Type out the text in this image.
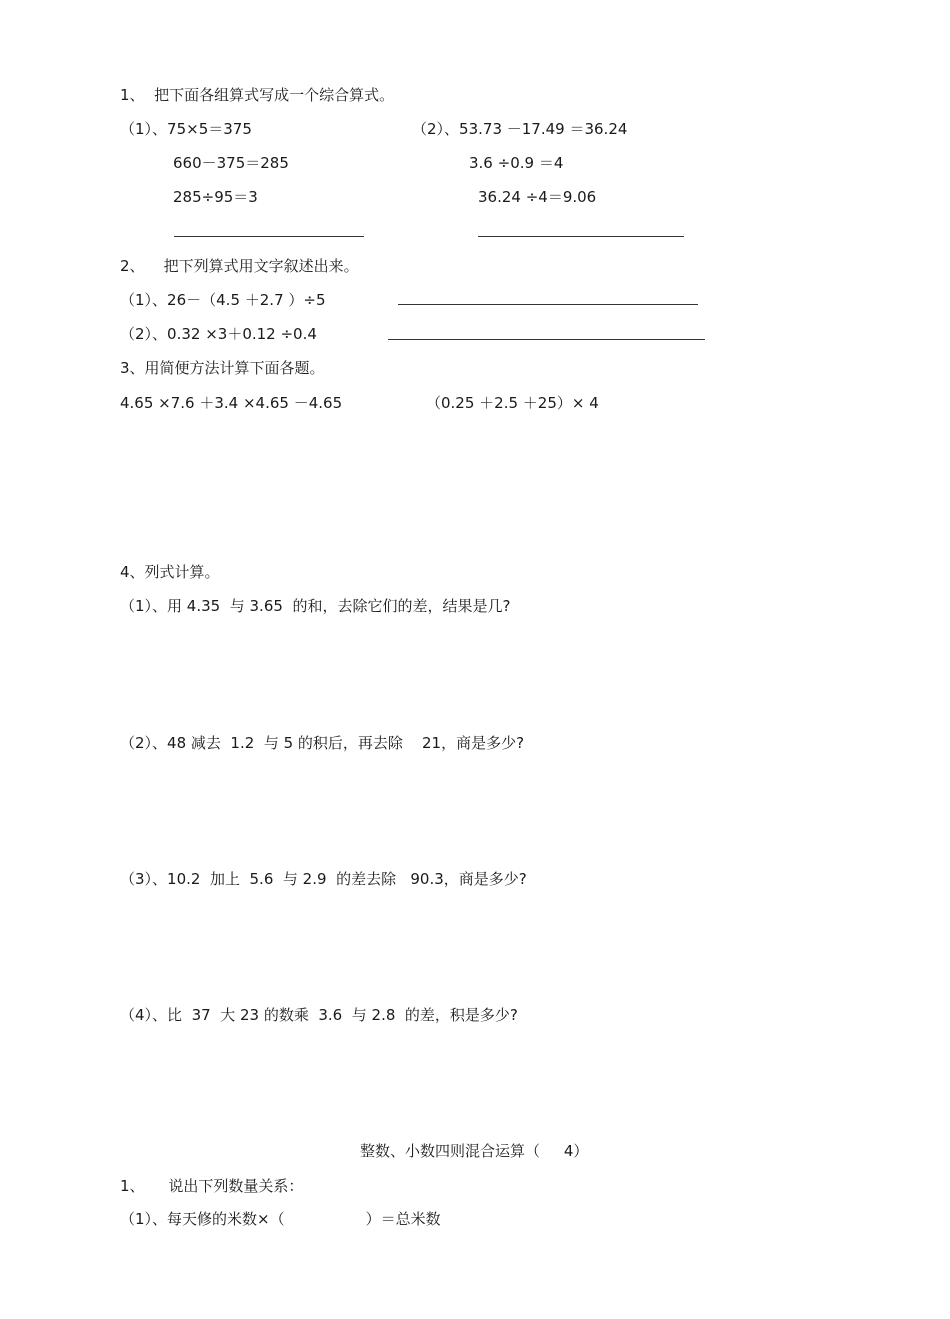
1、  把下面各组算式写成一个综合算式。
（1）、75×5＝375	（2）、53.73 －17.49 ＝36.24
660－375＝285	3.6 ÷0.9 ＝4
285÷95＝3	36.24 ÷4＝9.06
2、    把下列算式用文字叙述出来。
（1）、26－（4.5 ＋2.7 ）÷5
（2）、0.32 ×3＋0.12 ÷0.4
3、用简便方法计算下面各题。
4.65 ×7.6 ＋3.4 ×4.65 －4.65	（0.25 ＋2.5 ＋25）× 4
4、列式计算。
（1）、用 4.35  与 3.65  的和，去除它们的差，结果是几?
（2）、48 减去  1.2  与 5 的积后，再去除    21，商是多少?
（3）、10.2  加上  5.6  与 2.9  的差去除   90.3，商是多少?
（4）、比  37  大 23 的数乘  3.6  与 2.8  的差，积是多少?
整数、小数四则混合运算（     4）
1、     说出下列数量关系：
（1）、每天修的米数×（                 ）＝总米数
